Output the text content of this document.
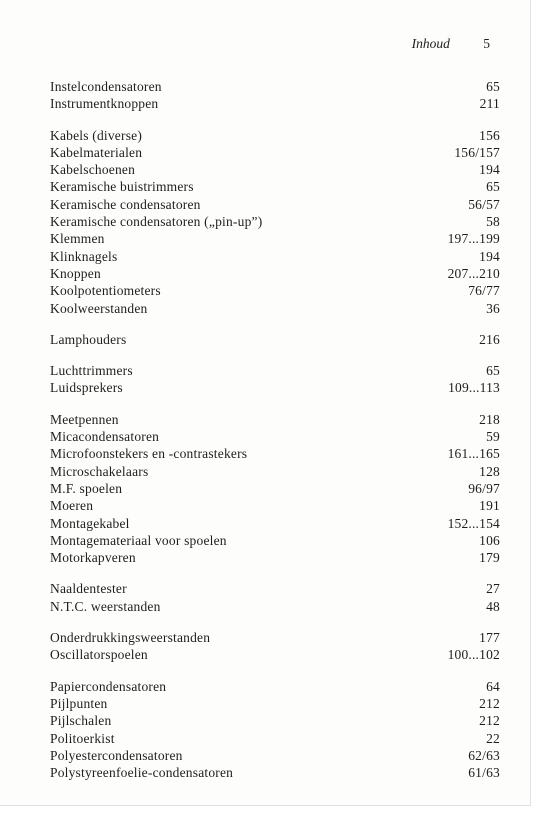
Inhoud 5
Instelcondensatoren	65
Instrumentknoppen	211
Kabels (diverse)	156
Kabelmaterialen	156/157
Kabelschoenen	194
Keramische buistrimmers	65
Keramische condensatoren	56/57
Keramische condensatoren („pin-up”)	58
Klemmen	197...199
Klinknagels	194
Knoppen	207...210
Koolpotentiometers	76/77
Koolweerstanden	36
Lamphouders	216
Luchttrimmers	65
Luidsprekers	109...113
Meetpennen	218
Micacondensatoren	59
Microfoonstekers en -contrastekers	161...165
Microschakelaars	128
M.F. spoelen	96/97
Moeren	191
Montagekabel	152...154
Montagemateriaal voor spoelen	106
Motorkapveren	179
Naaldentester	27
N.T.C. weerstanden	48
Onderdrukkingsweerstanden	177
Oscillatorspoelen	100...102
Papiercondensatoren	64
Pijlpunten	212
Pijlschalen	212
Politoerkist	22
Polyestercondensatoren	62/63
Polystyreenfoelie-condensatoren	61/63
